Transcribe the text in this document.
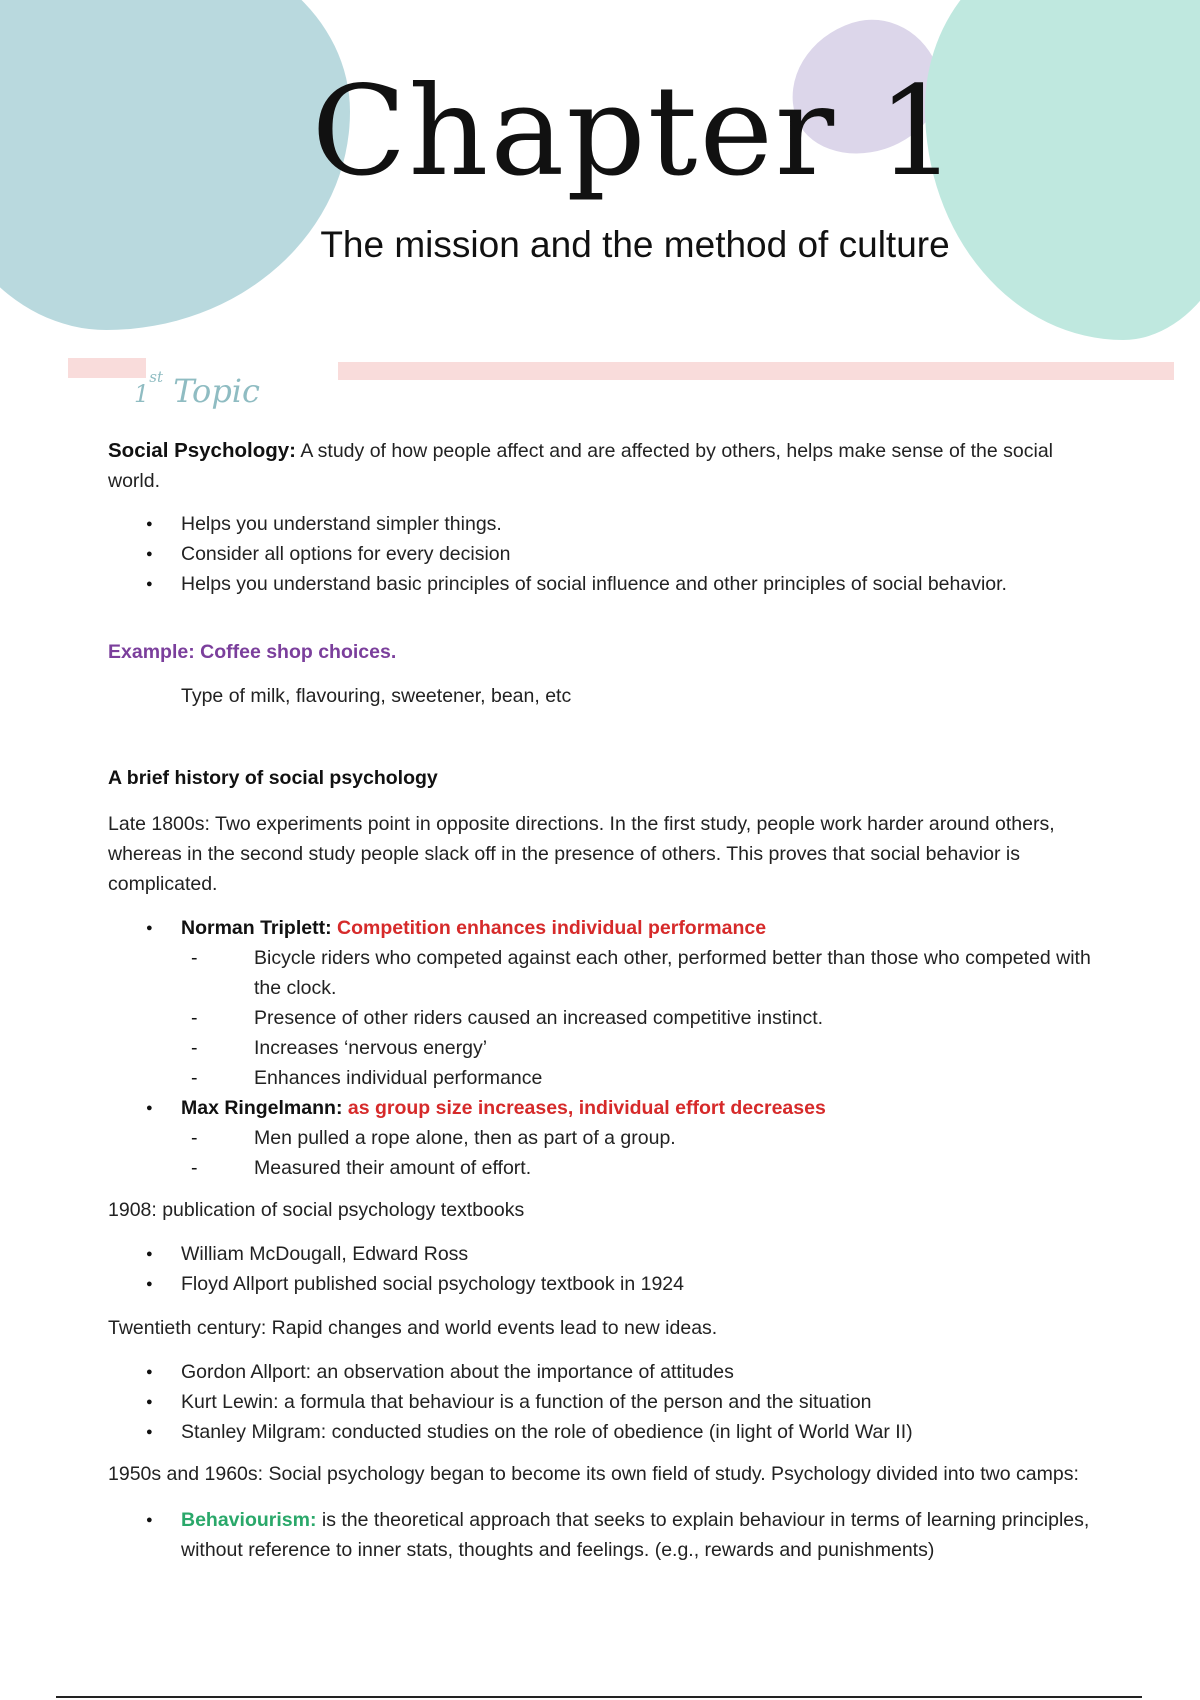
Chapter 1
The mission and the method of culture
1st Topic

Social Psychology: A study of how people affect and are affected by others, helps make sense of the social world.

● Helps you understand simpler things.
● Consider all options for every decision
● Helps you understand basic principles of social influence and other principles of social behavior.

Example: Coffee shop choices.

Type of milk, flavouring, sweetener, bean, etc

A brief history of social psychology

Late 1800s: Two experiments point in opposite directions. In the first study, people work harder around others, whereas in the second study people slack off in the presence of others. This proves that social behavior is complicated.

● Norman Triplett: Competition enhances individual performance
- Bicycle riders who competed against each other, performed better than those who competed with the clock.
- Presence of other riders caused an increased competitive instinct.
- Increases ‘nervous energy’
- Enhances individual performance
● Max Ringelmann: as group size increases, individual effort decreases
- Men pulled a rope alone, then as part of a group.
- Measured their amount of effort.

1908: publication of social psychology textbooks

● William McDougall, Edward Ross
● Floyd Allport published social psychology textbook in 1924

Twentieth century: Rapid changes and world events lead to new ideas.

● Gordon Allport: an observation about the importance of attitudes
● Kurt Lewin: a formula that behaviour is a function of the person and the situation
● Stanley Milgram: conducted studies on the role of obedience (in light of World War II)

1950s and 1960s: Social psychology began to become its own field of study. Psychology divided into two camps:

● Behaviourism: is the theoretical approach that seeks to explain behaviour in terms of learning principles, without reference to inner stats, thoughts and feelings. (e.g., rewards and punishments)
